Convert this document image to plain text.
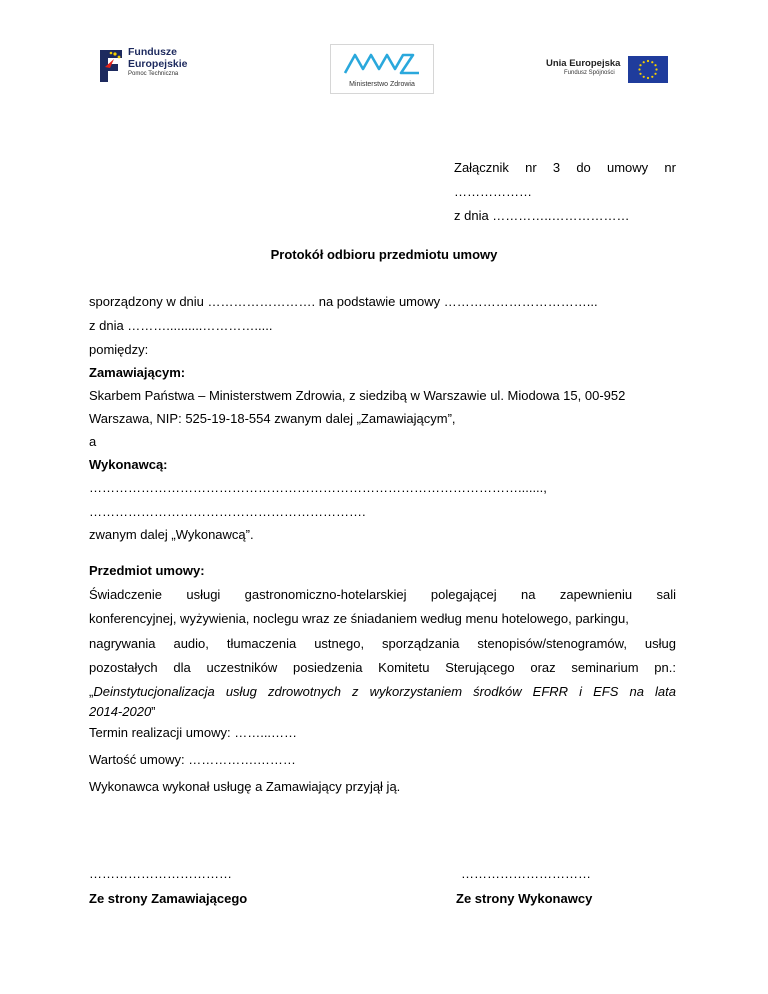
Fundusze
Europejskie
Pomoc Techniczna
Ministerstwo Zdrowia
Unia Europejska
Fundusz Spójności
Załącznik nr 3 do umowy nr
………………
z dnia …………..………………
Protokół odbioru przedmiotu umowy
sporządzony w dniu ……………………. na podstawie umowy ……………………………...
z dnia ………..........………….....
pomiędzy:
Zamawiającym:
Skarbem Państwa – Ministerstwem Zdrowia, z siedzibą w Warszawie ul. Miodowa 15, 00-952
Warszawa, NIP: 525-19-18-554 zwanym dalej „Zamawiającym”,
a
Wykonawcą:
……………………………………………………………………………………….......,
……………………………………………………….
zwanym dalej „Wykonawcą”.
Przedmiot umowy:
Świadczenie usługi gastronomiczno-hotelarskiej polegającej na zapewnieniu sali
konferencyjnej, wyżywienia, noclegu wraz ze śniadaniem według menu hotelowego, parkingu,
nagrywania audio, tłumaczenia ustnego, sporządzania stenopisów/stenogramów, usług
pozostałych dla uczestników posiedzenia Komitetu Sterującego oraz seminarium pn.:
„ Deinstytucjonalizacja usług zdrowotnych z wykorzystaniem środków EFRR i EFS na lata
2014-2020”
Termin realizacji umowy: ……...……
Wartość umowy: …………….………
Wykonawca wykonał usługę a Zamawiający przyjął ją.
……………………………
Ze strony Zamawiającego
…………………………
Ze strony Wykonawcy
